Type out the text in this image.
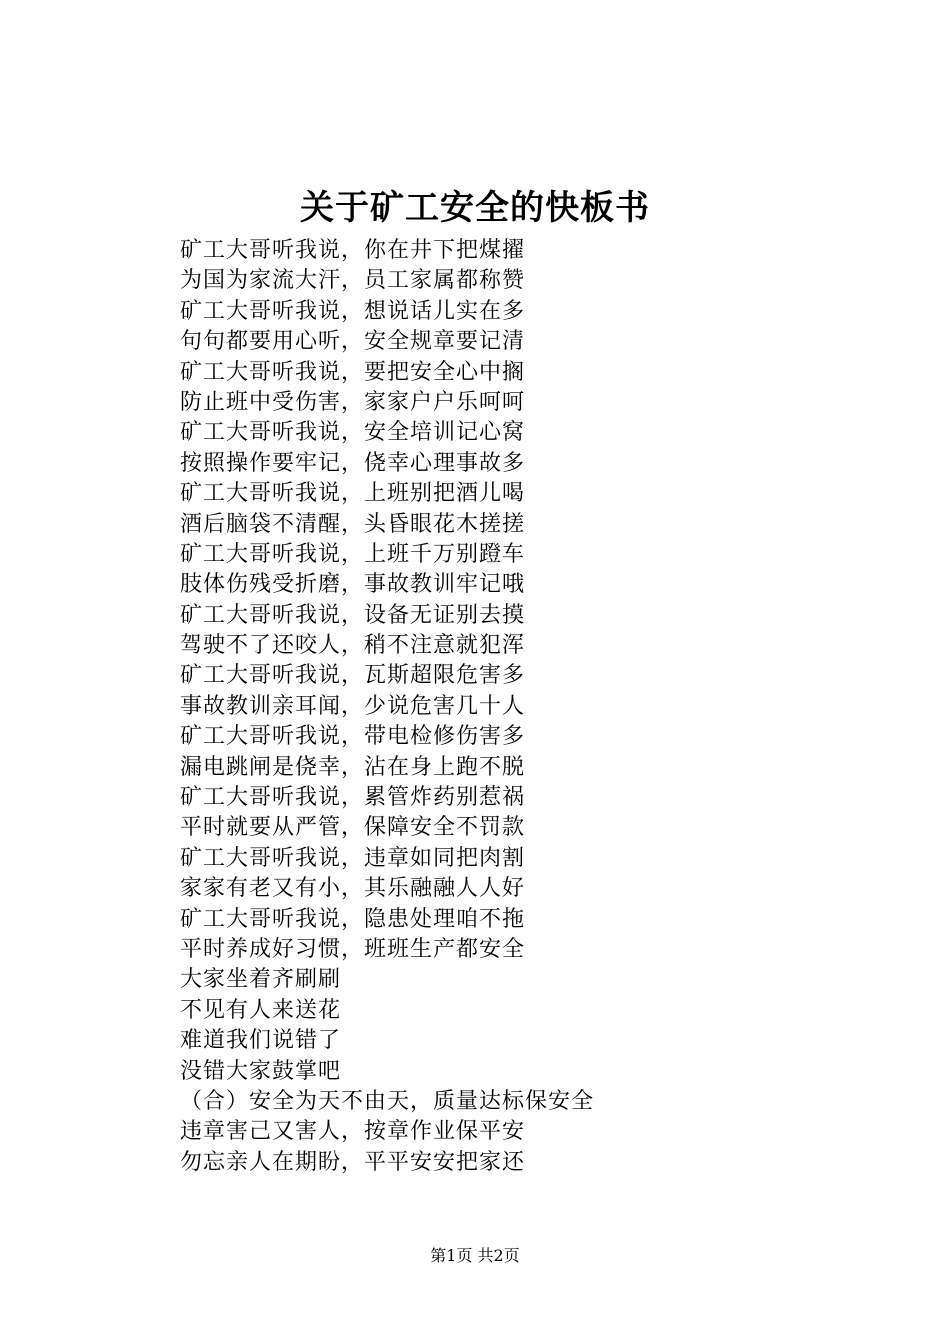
关于矿工安全的快板书
矿工大哥听我说，你在井下把煤擢
为国为家流大汗，员工家属都称赞
矿工大哥听我说，想说话儿实在多
句句都要用心听，安全规章要记清
矿工大哥听我说，要把安全心中搁
防止班中受伤害，家家户户乐呵呵
矿工大哥听我说，安全培训记心窝
按照操作要牢记，侥幸心理事故多
矿工大哥听我说，上班别把酒儿喝
酒后脑袋不清醒，头昏眼花木搓搓
矿工大哥听我说，上班千万别蹬车
肢体伤残受折磨，事故教训牢记哦
矿工大哥听我说，设备无证别去摸
驾驶不了还咬人，稍不注意就犯浑
矿工大哥听我说，瓦斯超限危害多
事故教训亲耳闻，少说危害几十人
矿工大哥听我说，带电检修伤害多
漏电跳闸是侥幸，沾在身上跑不脱
矿工大哥听我说，累管炸药别惹祸
平时就要从严管，保障安全不罚款
矿工大哥听我说，违章如同把肉割
家家有老又有小，其乐融融人人好
矿工大哥听我说，隐患处理咱不拖
平时养成好习惯，班班生产都安全
大家坐着齐刷刷
不见有人来送花
难道我们说错了
没错大家鼓掌吧
（合）安全为天不由天，质量达标保安全
违章害己又害人，按章作业保平安
勿忘亲人在期盼，平平安安把家还
第1页 共2页
